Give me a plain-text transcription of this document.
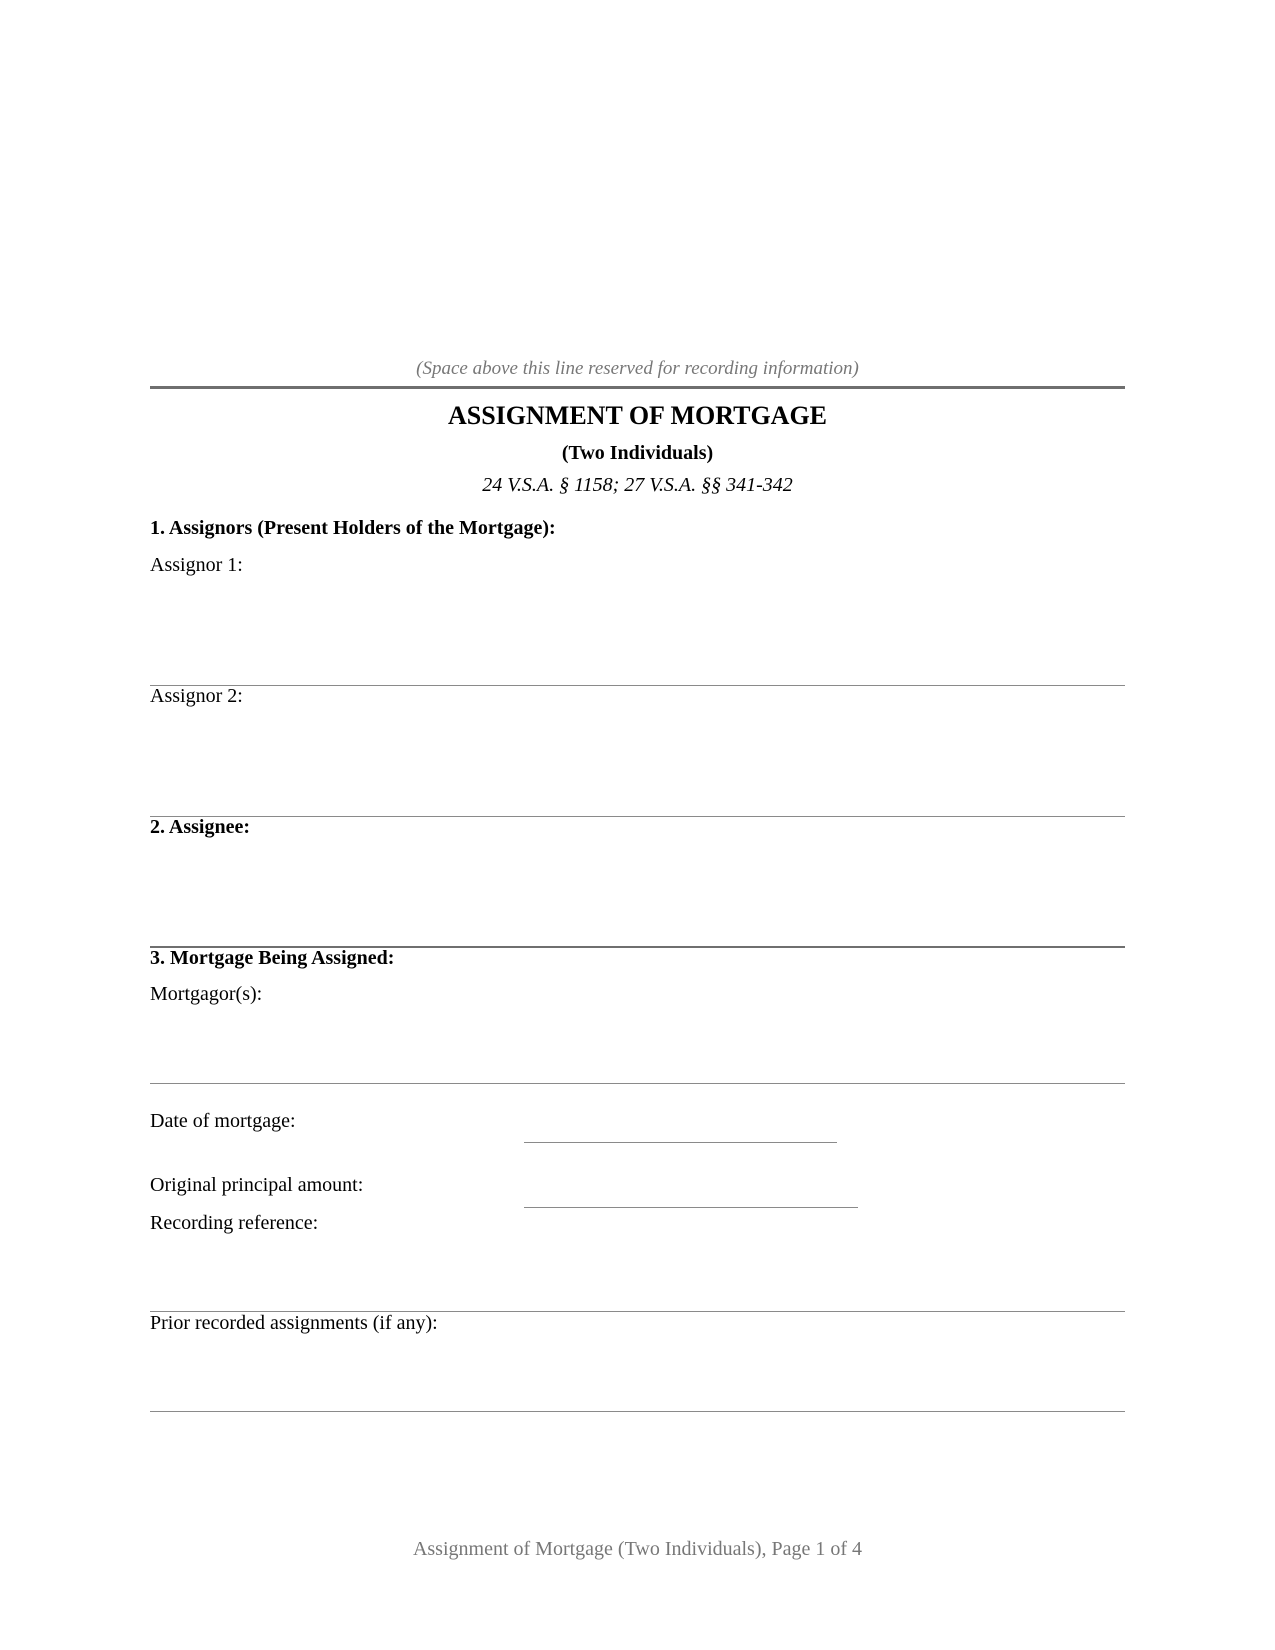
(Space above this line reserved for recording information)
ASSIGNMENT OF MORTGAGE
(Two Individuals)
24 V.S.A. § 1158; 27 V.S.A. §§ 341-342
1. Assignors (Present Holders of the Mortgage):
Assignor 1:
Assignor 2:
2. Assignee:
3. Mortgage Being Assigned:
Mortgagor(s):
Date of mortgage:
Original principal amount:
Recording reference:
Prior recorded assignments (if any):
Assignment of Mortgage (Two Individuals), Page 1 of 4
